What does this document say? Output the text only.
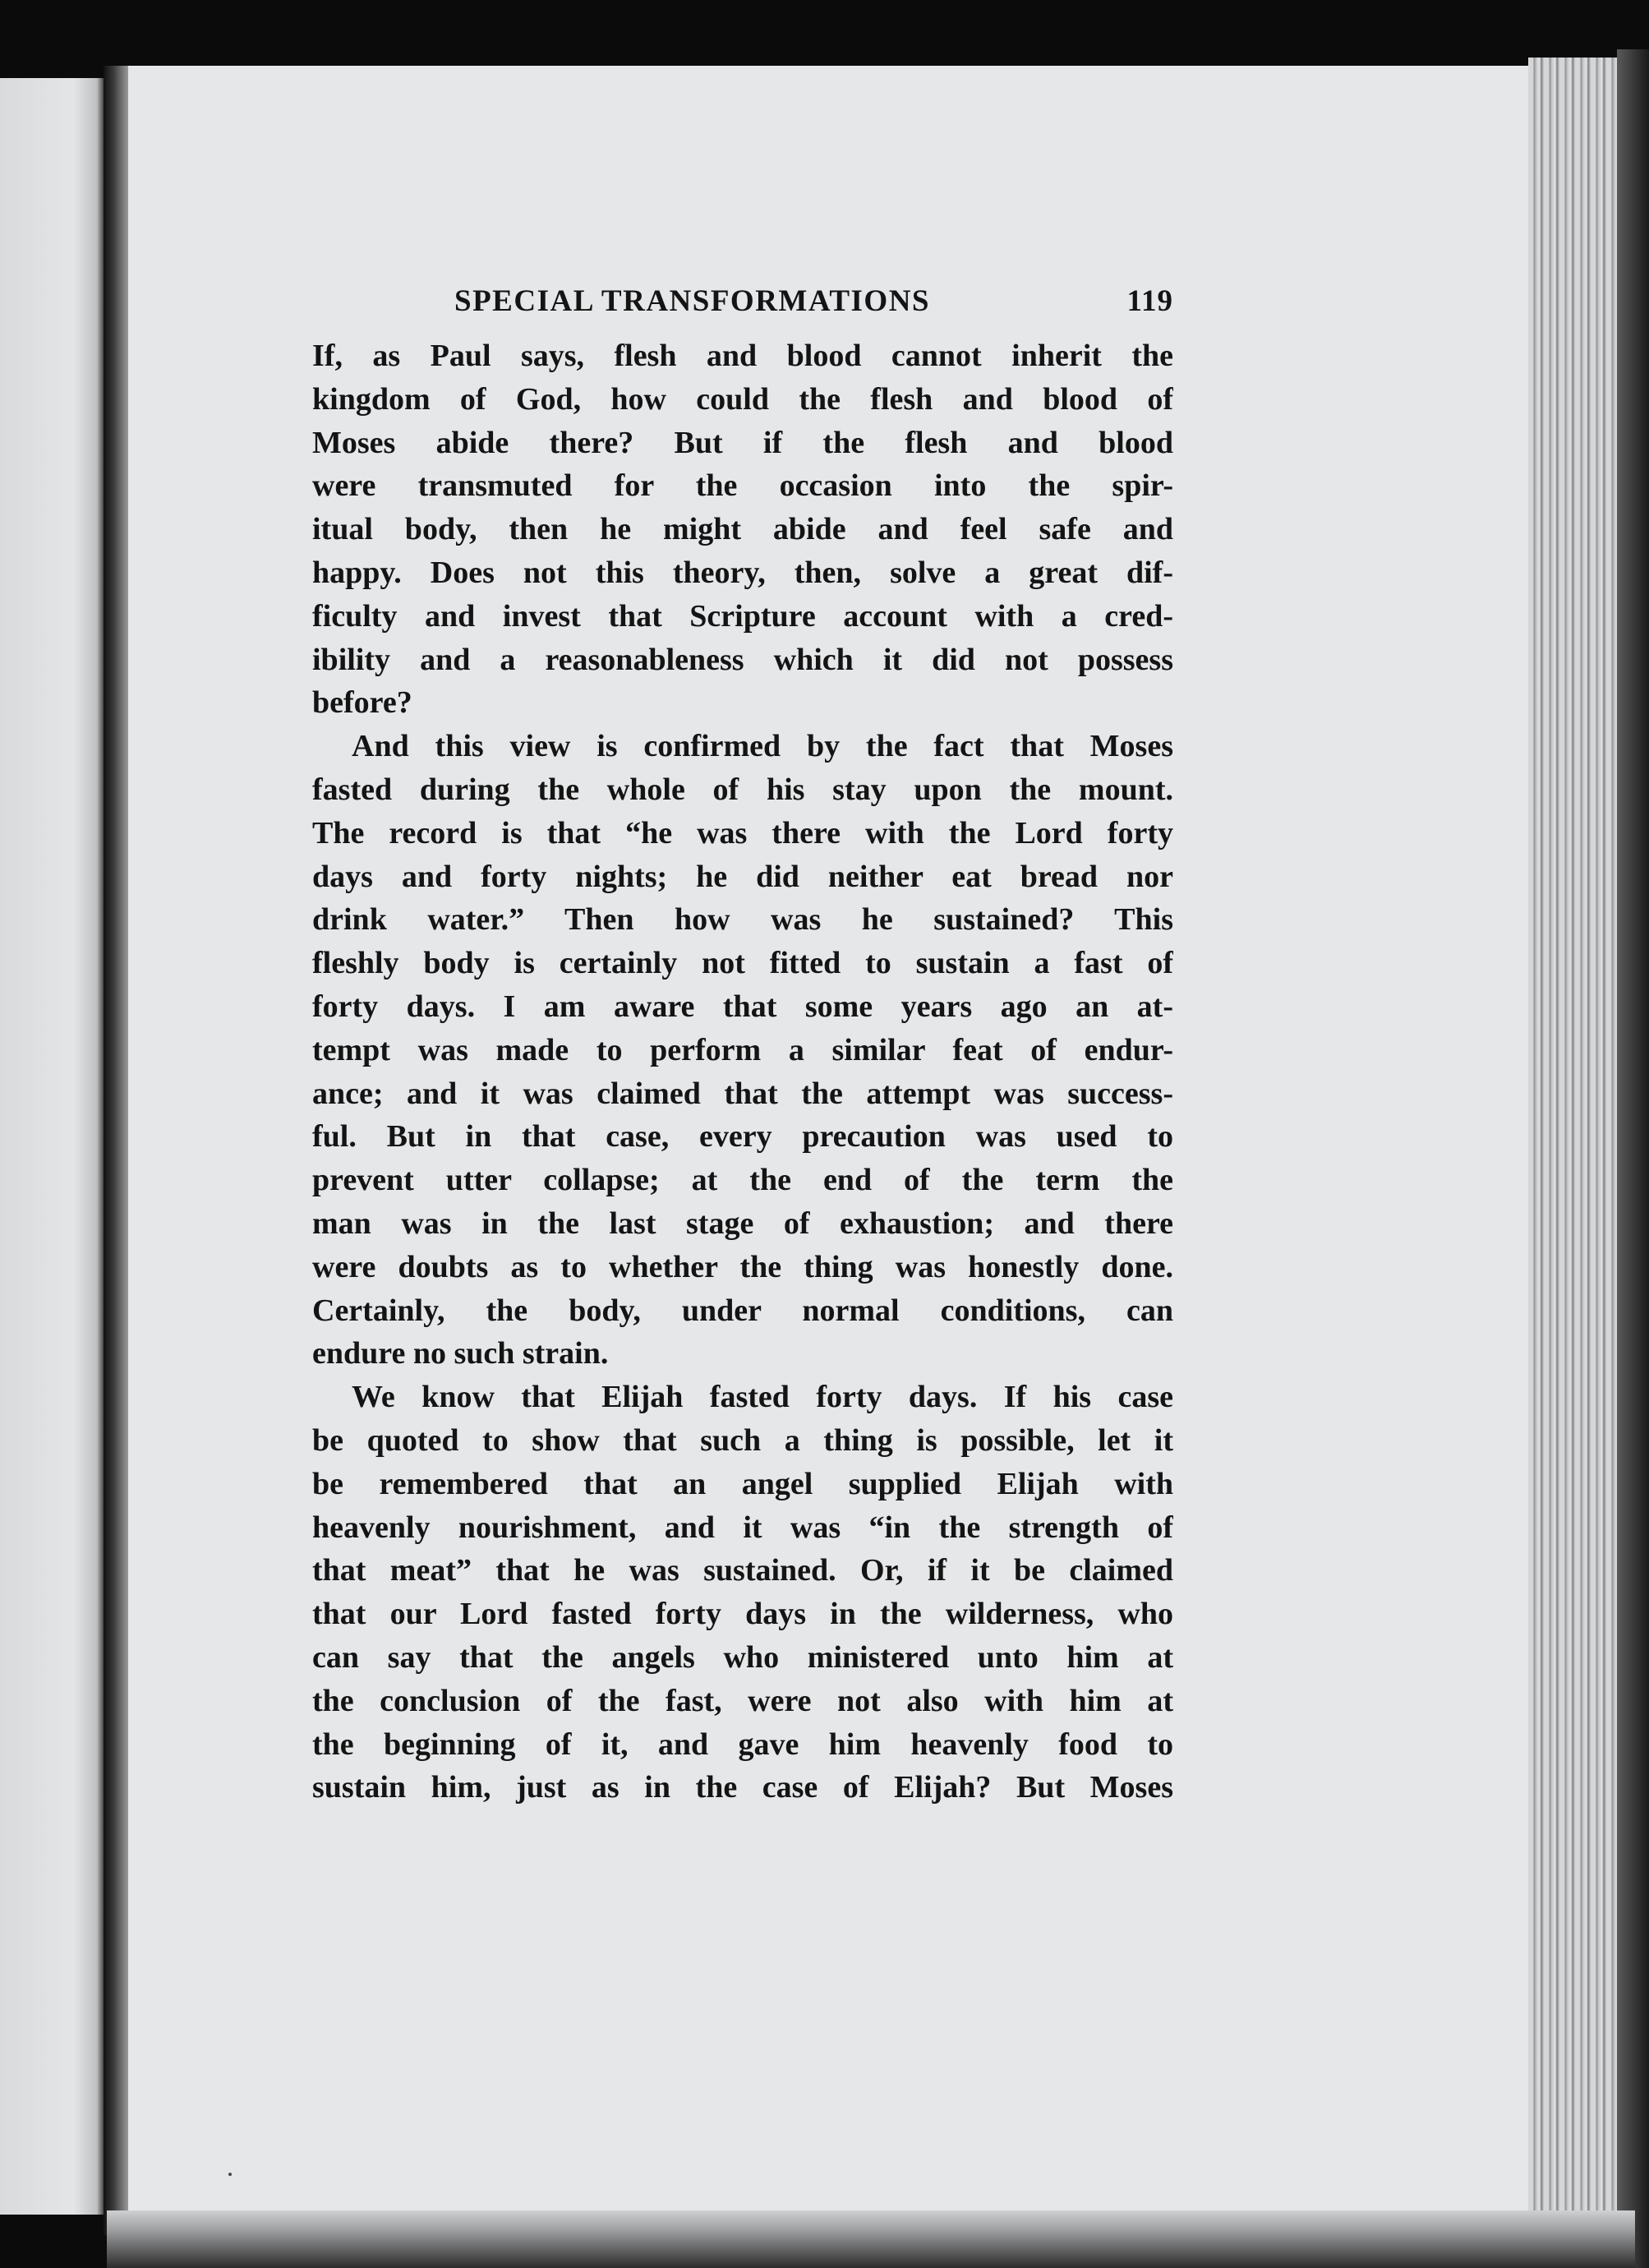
SPECIAL TRANSFORMATIONS	119
If, as Paul says, flesh and blood cannot inherit the
kingdom of God, how could the flesh and blood of
Moses abide there? But if the flesh and blood
were transmuted for the occasion into the spir-
itual body, then he might abide and feel safe and
happy. Does not this theory, then, solve a great dif-
ficulty and invest that Scripture account with a cred-
ibility and a reasonableness which it did not possess
before?
And this view is confirmed by the fact that Moses
fasted during the whole of his stay upon the mount.
The record is that “he was there with the Lord forty
days and forty nights; he did neither eat bread nor
drink water.” Then how was he sustained? This
fleshly body is certainly not fitted to sustain a fast of
forty days. I am aware that some years ago an at-
tempt was made to perform a similar feat of endur-
ance; and it was claimed that the attempt was success-
ful. But in that case, every precaution was used to
prevent utter collapse; at the end of the term the
man was in the last stage of exhaustion; and there
were doubts as to whether the thing was honestly done.
Certainly, the body, under normal conditions, can
endure no such strain.
We know that Elijah fasted forty days. If his case
be quoted to show that such a thing is possible, let it
be remembered that an angel supplied Elijah with
heavenly nourishment, and it was “in the strength of
that meat” that he was sustained. Or, if it be claimed
that our Lord fasted forty days in the wilderness, who
can say that the angels who ministered unto him at
the conclusion of the fast, were not also with him at
the beginning of it, and gave him heavenly food to
sustain him, just as in the case of Elijah? But Moses
